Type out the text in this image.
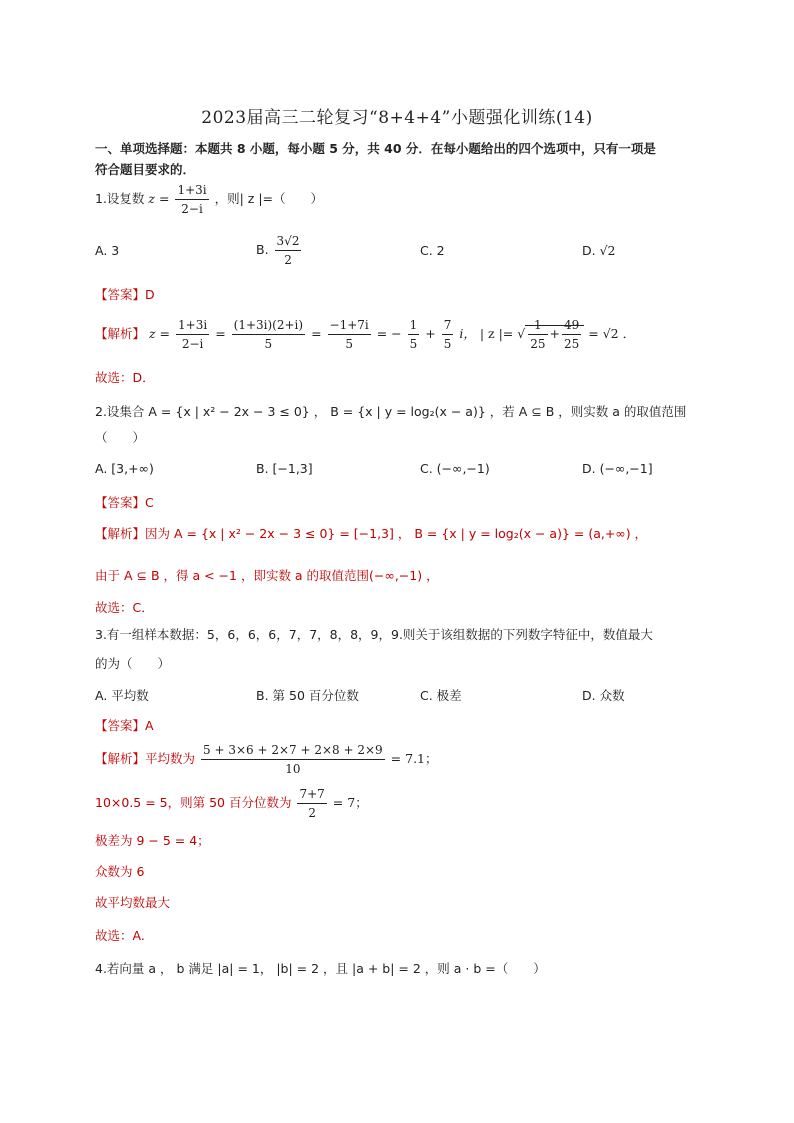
2023届高三二轮复习“8+4+4”小题强化训练(14)
一、单项选择题：本题共 8 小题，每小题 5 分，共 40 分．在每小题给出的四个选项中，只有一项是
符合题目要求的．
1.设复数 $z = \frac{1+3i}{2-i}$ ，则| z |=（　　）
A. 3	B. $\frac{3√2}{2}$	C. 2	D. √2
【答案】D
【解析】 $z = \frac{1+3i}{2-i} = \frac{(1+3i)(2+i)}{5} = \frac{-1+7i}{5}$ = − $\frac{1}{5} + \frac{7}{5}$ i， | z |= √ $\frac{1}{25} + \frac{49}{25} = √2$ ．
故选：D．
2.设集合 A = {x | x² − 2x − 3 ≤ 0} ， B = {x | y = log₂(x − a)} ，若 A ⊆ B ，则实数 a 的取值范围
（　　）
A. [3,+∞)	B. [−1,3]	C. (−∞,−1)	D. (−∞,−1]
【答案】C
【解析】因为 A = {x | x² − 2x − 3 ≤ 0} = [−1,3] ， B = {x | y = log₂(x − a)} = (a,+∞) ，
由于 A ⊆ B ，得 a < −1 ，即实数 a 的取值范围(−∞,−1) ，
故选：C．
3.有一组样本数据：5，6，6，6，7，7，8，8，9，9.则关于该组数据的下列数字特征中，数值最大
的为（　　）
A. 平均数	B. 第 50 百分位数	C. 极差	D. 众数
【答案】A
【解析】平均数为 $\frac{5 + 3\times 6 + 2\times 7 + 2\times 8 + 2\times 9}{10} = 7.1$；
10×0.5 = 5，则第 50 百分位数为 $\frac{7+7}{2} = 7$；
极差为 9 − 5 = 4；
众数为 6
故平均数最大
故选：A.
4.若向量 a ， b 满足 |a| = 1， |b| = 2 ，且 |a + b| = 2 ，则 a · b =（　　）
